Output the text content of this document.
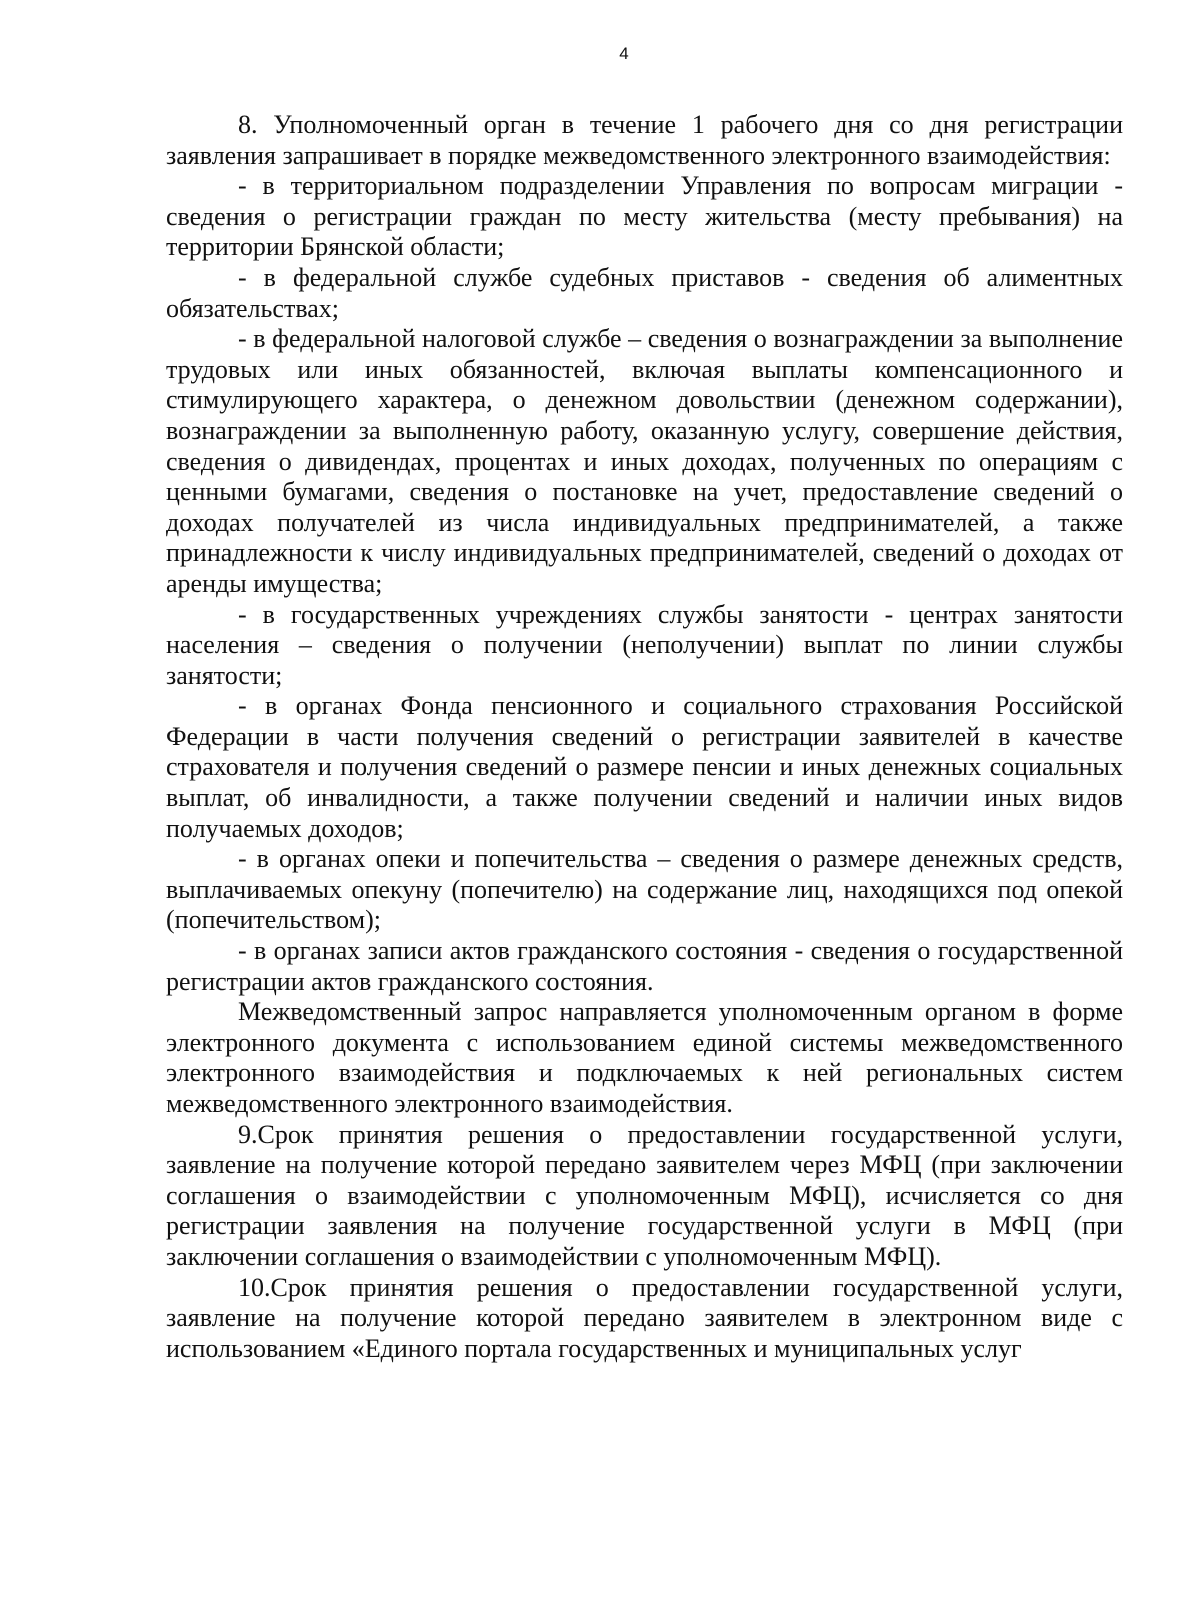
4

8. Уполномоченный орган в течение 1 рабочего дня со дня регистрации заявления запрашивает в порядке межведомственного электронного взаимодействия:

- в территориальном подразделении Управления по вопросам миграции - сведения о регистрации граждан по месту жительства (месту пребывания) на территории Брянской области;

- в федеральной службе судебных приставов - сведения об алиментных обязательствах;

- в федеральной налоговой службе – сведения о вознаграждении за выполнение трудовых или иных обязанностей, включая выплаты компенсационного и стимулирующего характера, о денежном довольствии (денежном содержании), вознаграждении за выполненную работу, оказанную услугу, совершение действия, сведения о дивидендах, процентах и иных доходах, полученных по операциям с ценными бумагами, сведения о постановке на учет, предоставление сведений о доходах получателей из числа индивидуальных предпринимателей, а также принадлежности к числу индивидуальных предпринимателей, сведений о доходах от аренды имущества;

- в государственных учреждениях службы занятости - центрах занятости населения – сведения о получении (неполучении) выплат по линии службы занятости;

- в органах Фонда пенсионного и социального страхования Российской Федерации в части получения сведений о регистрации заявителей в качестве страхователя и получения сведений о размере пенсии и иных денежных социальных выплат, об инвалидности, а также получении сведений и наличии иных видов получаемых доходов;

- в органах опеки и попечительства – сведения о размере денежных средств, выплачиваемых опекуну (попечителю) на содержание лиц, находящихся под опекой (попечительством);

- в органах записи актов гражданского состояния - сведения о государственной регистрации актов гражданского состояния.

Межведомственный запрос направляется уполномоченным органом в форме электронного документа с использованием единой системы межведомственного электронного взаимодействия и подключаемых к ней региональных систем межведомственного электронного взаимодействия.

9.Срок принятия решения о предоставлении государственной услуги, заявление на получение которой передано заявителем через МФЦ (при заключении соглашения о взаимодействии с уполномоченным МФЦ), исчисляется со дня регистрации заявления на получение государственной услуги в МФЦ (при заключении соглашения о взаимодействии с уполномоченным МФЦ).

10.Срок принятия решения о предоставлении государственной услуги, заявление на получение которой передано заявителем в электронном виде с использованием «Единого портала государственных и муниципальных услуг
